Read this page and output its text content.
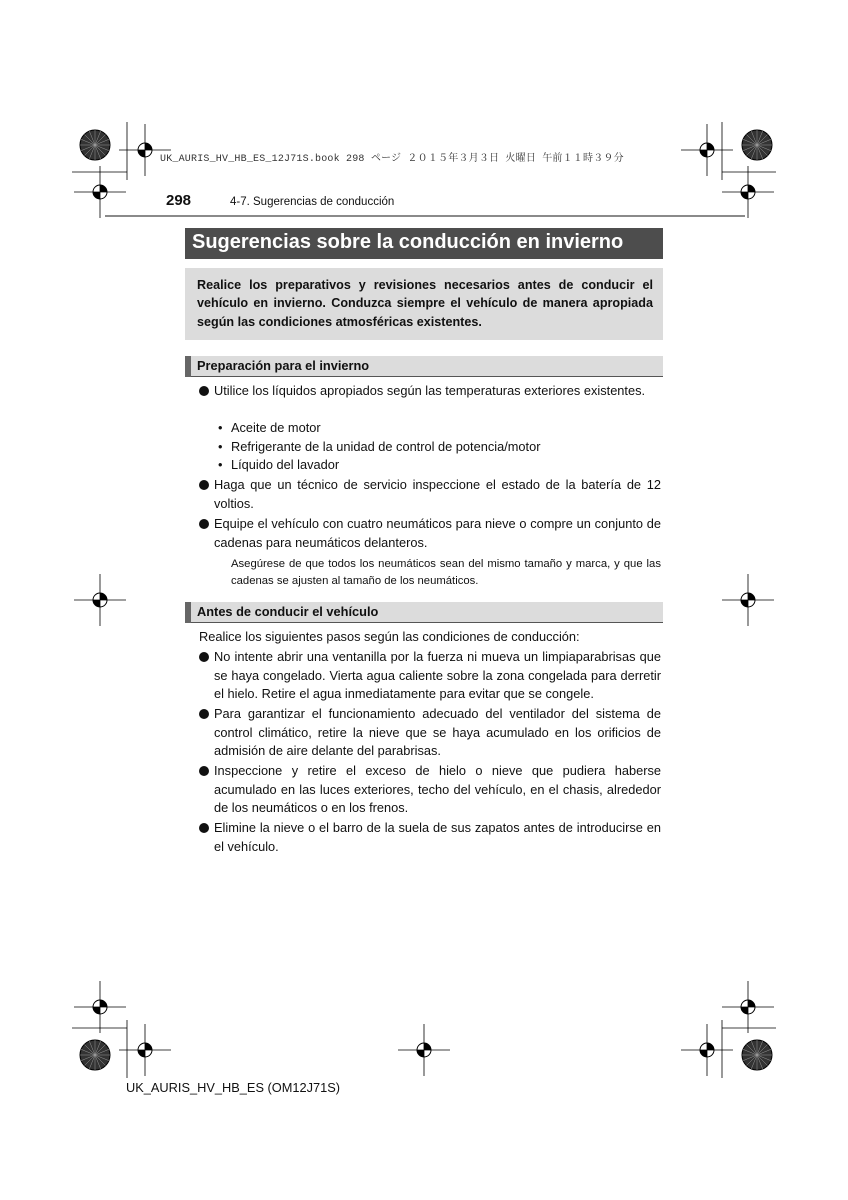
UK_AURIS_HV_HB_ES_12J71S.book 298 ページ ２０１５年３月３日 火曜日 午前１１時３９分
298	4-7. Sugerencias de conducción
Sugerencias sobre la conducción en invierno
Realice los preparativos y revisiones necesarios antes de conducir el vehículo en invierno. Conduzca siempre el vehículo de manera apropiada según las condiciones atmosféricas existentes.
Preparación para el invierno
Utilice los líquidos apropiados según las temperaturas exteriores existentes.
• Aceite de motor
• Refrigerante de la unidad de control de potencia/motor
• Líquido del lavador
Haga que un técnico de servicio inspeccione el estado de la batería de 12 voltios.
Equipe el vehículo con cuatro neumáticos para nieve o compre un conjunto de cadenas para neumáticos delanteros.
Asegúrese de que todos los neumáticos sean del mismo tamaño y marca, y que las cadenas se ajusten al tamaño de los neumáticos.
Antes de conducir el vehículo
Realice los siguientes pasos según las condiciones de conducción:
No intente abrir una ventanilla por la fuerza ni mueva un limpiaparabrisas que se haya congelado. Vierta agua caliente sobre la zona congelada para derretir el hielo. Retire el agua inmediatamente para evitar que se congele.
Para garantizar el funcionamiento adecuado del ventilador del sistema de control climático, retire la nieve que se haya acumulado en los orificios de admisión de aire delante del parabrisas.
Inspeccione y retire el exceso de hielo o nieve que pudiera haberse acumulado en las luces exteriores, techo del vehículo, en el chasis, alrededor de los neumáticos o en los frenos.
Elimine la nieve o el barro de la suela de sus zapatos antes de introducirse en el vehículo.
UK_AURIS_HV_HB_ES (OM12J71S)
